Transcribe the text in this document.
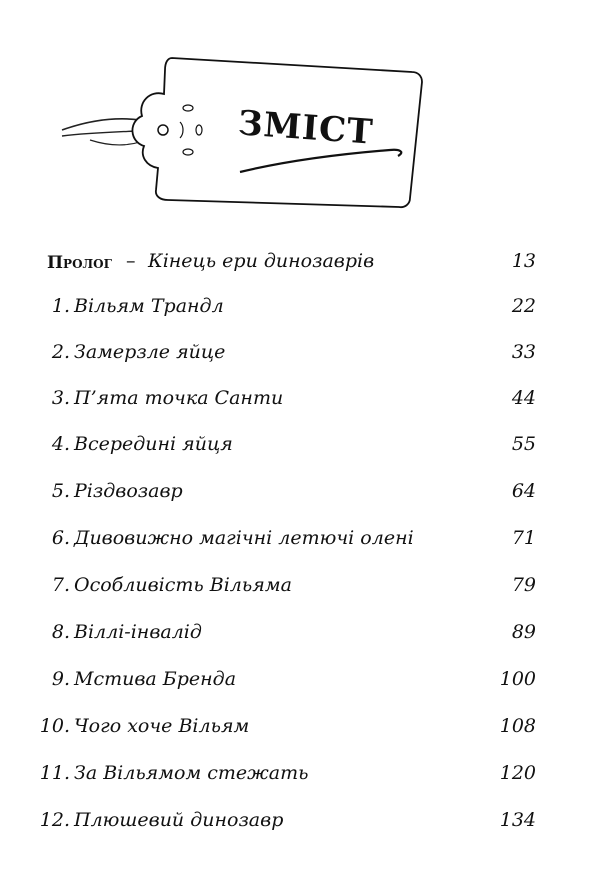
ЗМІСТ
Пролог – Кінець ери динозаврів	13
1. Вільям Трандл	22
2. Замерзле яйце	33
3. П’ята точка Санти	44
4. Всередині яйця	55
5. Різдвозавр	64
6. Дивовижно магічні летючі олені	71
7. Особливість Вільяма	79
8. Віллі-інвалід	89
9. Мстива Бренда	100
10. Чого хоче Вільям	108
11. За Вільямом стежать	120
12. Плюшевий динозавр	134
